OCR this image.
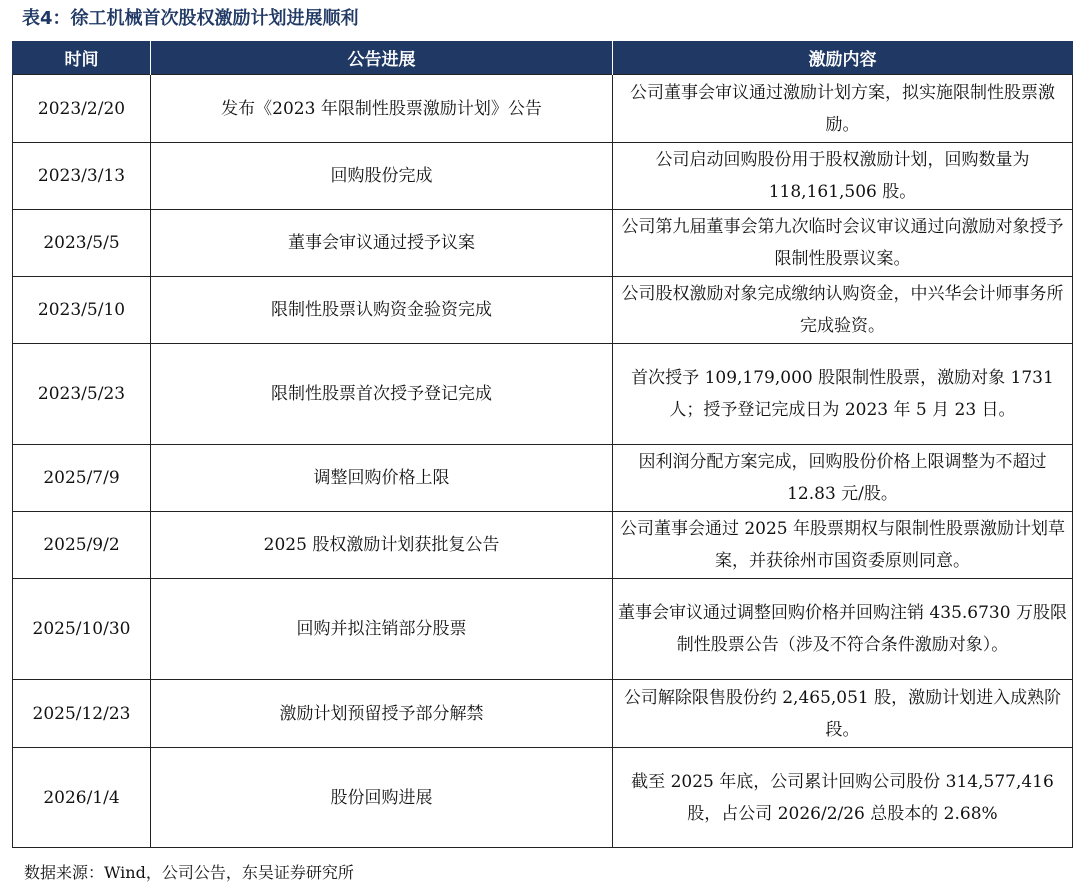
表4：徐工机械首次股权激励计划进展顺利
时间	公告进展	激励内容
2023/2/20	发布《2023 年限制性股票激励计划》公告	公司董事会审议通过激励计划方案，拟实施限制性股票激励。
2023/3/13	回购股份完成	公司启动回购股份用于股权激励计划，回购数量为 118,161,506 股。
2023/5/5	董事会审议通过授予议案	公司第九届董事会第九次临时会议审议通过向激励对象授予限制性股票议案。
2023/5/10	限制性股票认购资金验资完成	公司股权激励对象完成缴纳认购资金，中兴华会计师事务所完成验资。
2023/5/23	限制性股票首次授予登记完成	首次授予 109,179,000 股限制性股票，激励对象 1731 人；授予登记完成日为 2023 年 5 月 23 日。
2025/7/9	调整回购价格上限	因利润分配方案完成，回购股份价格上限调整为不超过 12.83 元/股。
2025/9/2	2025 股权激励计划获批复公告	公司董事会通过 2025 年股票期权与限制性股票激励计划草案，并获徐州市国资委原则同意。
2025/10/30	回购并拟注销部分股票	董事会审议通过调整回购价格并回购注销 435.6730 万股限制性股票公告（涉及不符合条件激励对象）。
2025/12/23	激励计划预留授予部分解禁	公司解除限售股份约 2,465,051 股，激励计划进入成熟阶段。
2026/1/4	股份回购进展	截至 2025 年底，公司累计回购公司股份 314,577,416 股，占公司 2026/2/26 总股本的 2.68%
数据来源：Wind，公司公告，东吴证券研究所
